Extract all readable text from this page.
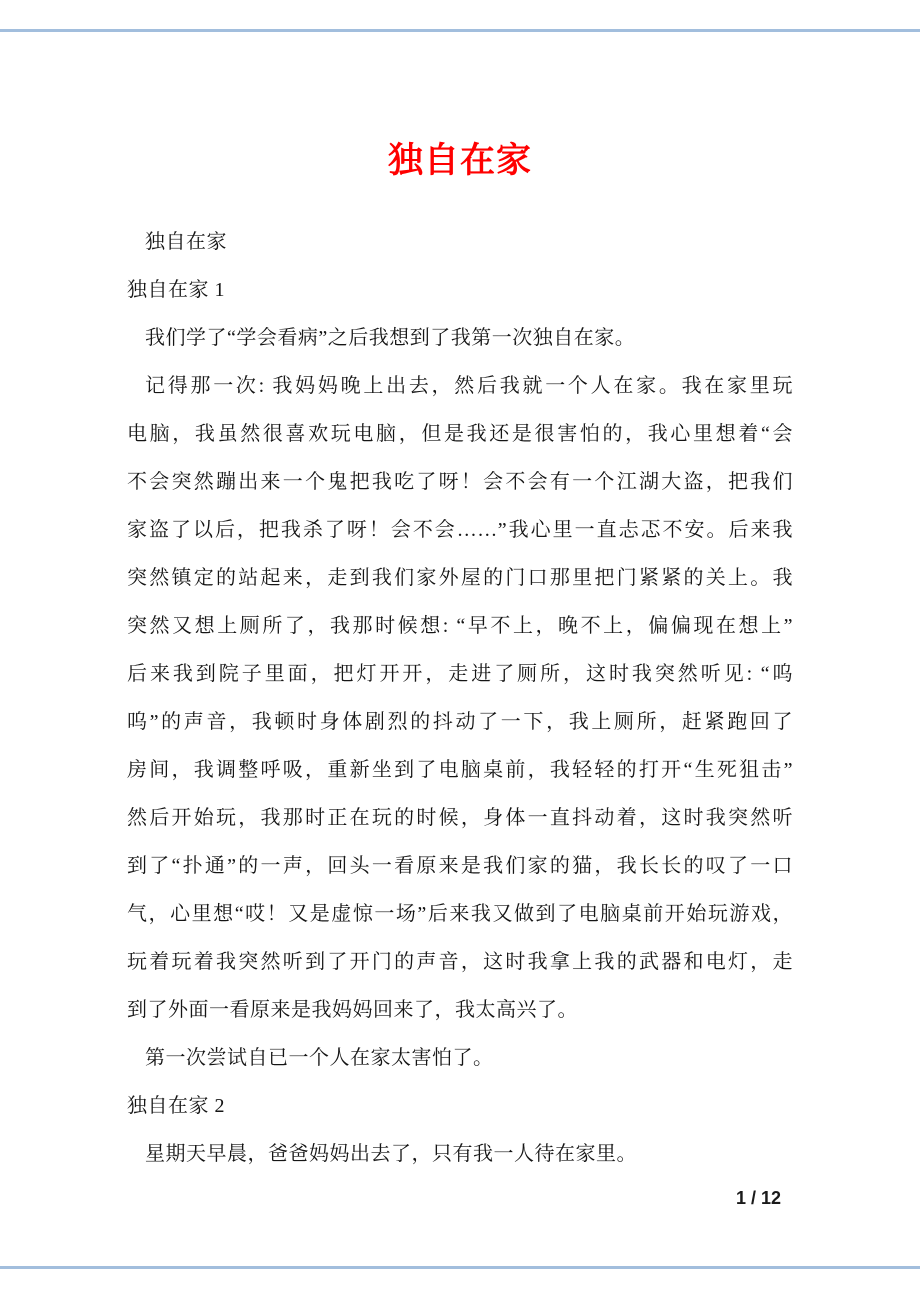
独自在家
独自在家
独自在家 1
我们学了“学会看病”之后我想到了我第一次独自在家。
记得那一次: 我妈妈晚上出去，然后我就一个人在家。我在家里玩
电脑，我虽然很喜欢玩电脑，但是我还是很害怕的，我心里想着“会
不会突然蹦出来一个鬼把我吃了呀！会不会有一个江湖大盗，把我们
家盗了以后，把我杀了呀！会不会……”我心里一直忐忑不安。后来我
突然镇定的站起来，走到我们家外屋的门口那里把门紧紧的关上。我
突然又想上厕所了，我那时候想: “早不上，晚不上，偏偏现在想上”
后来我到院子里面，把灯开开，走进了厕所，这时我突然听见: “呜
呜”的声音，我顿时身体剧烈的抖动了一下，我上厕所，赶紧跑回了
房间，我调整呼吸，重新坐到了电脑桌前，我轻轻的打开“生死狙击”
然后开始玩，我那时正在玩的时候，身体一直抖动着，这时我突然听
到了“扑通”的一声，回头一看原来是我们家的猫，我长长的叹了一口
气，心里想“哎！又是虚惊一场”后来我又做到了电脑桌前开始玩游戏，
玩着玩着我突然听到了开门的声音，这时我拿上我的武器和电灯，走
到了外面一看原来是我妈妈回来了，我太高兴了。
第一次尝试自已一个人在家太害怕了。
独自在家 2
星期天早晨，爸爸妈妈出去了，只有我一人待在家里。
1 / 12
